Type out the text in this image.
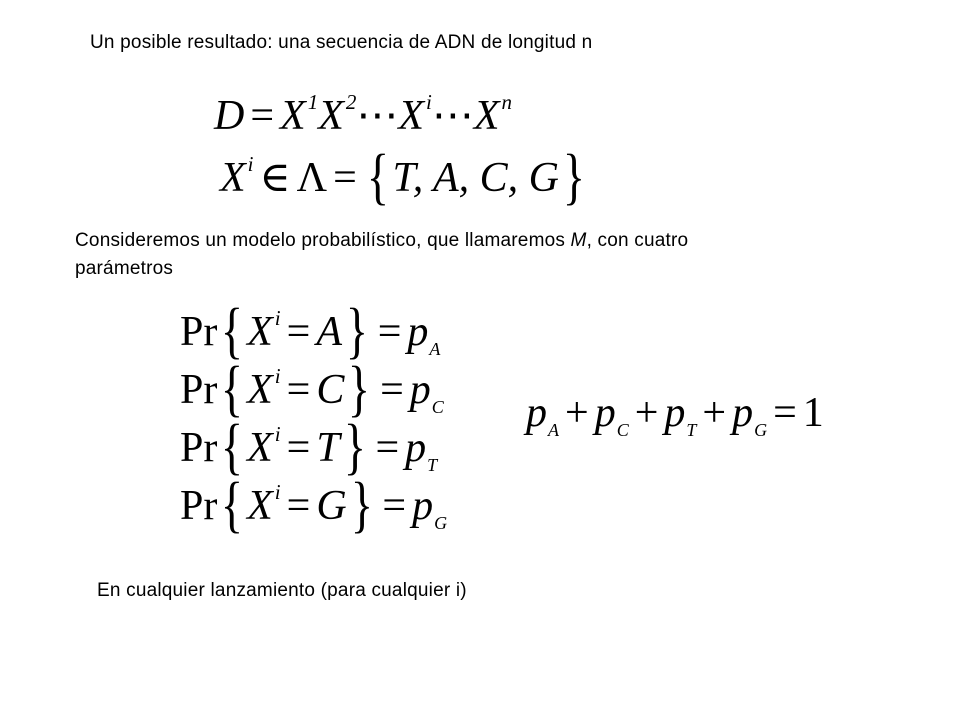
Un posible resultado: una secuencia de ADN de longitud n
$D = X^1X^2\cdots X^i\cdots X^n$
$X^i$ ∈ Λ = {T, A, C, G}
Consideremos un modelo probabilístico, que llamaremos M, con cuatro
parámetros
$Pr\{X^i = A\} = p_A$
$Pr\{X^i = C\} = p_C$
$Pr\{X^i = T\} = p_T$
$Pr\{X^i = G\} = p_G$
$p_A + p_C + p_T + p_G = 1$
En cualquier lanzamiento (para cualquier i)
